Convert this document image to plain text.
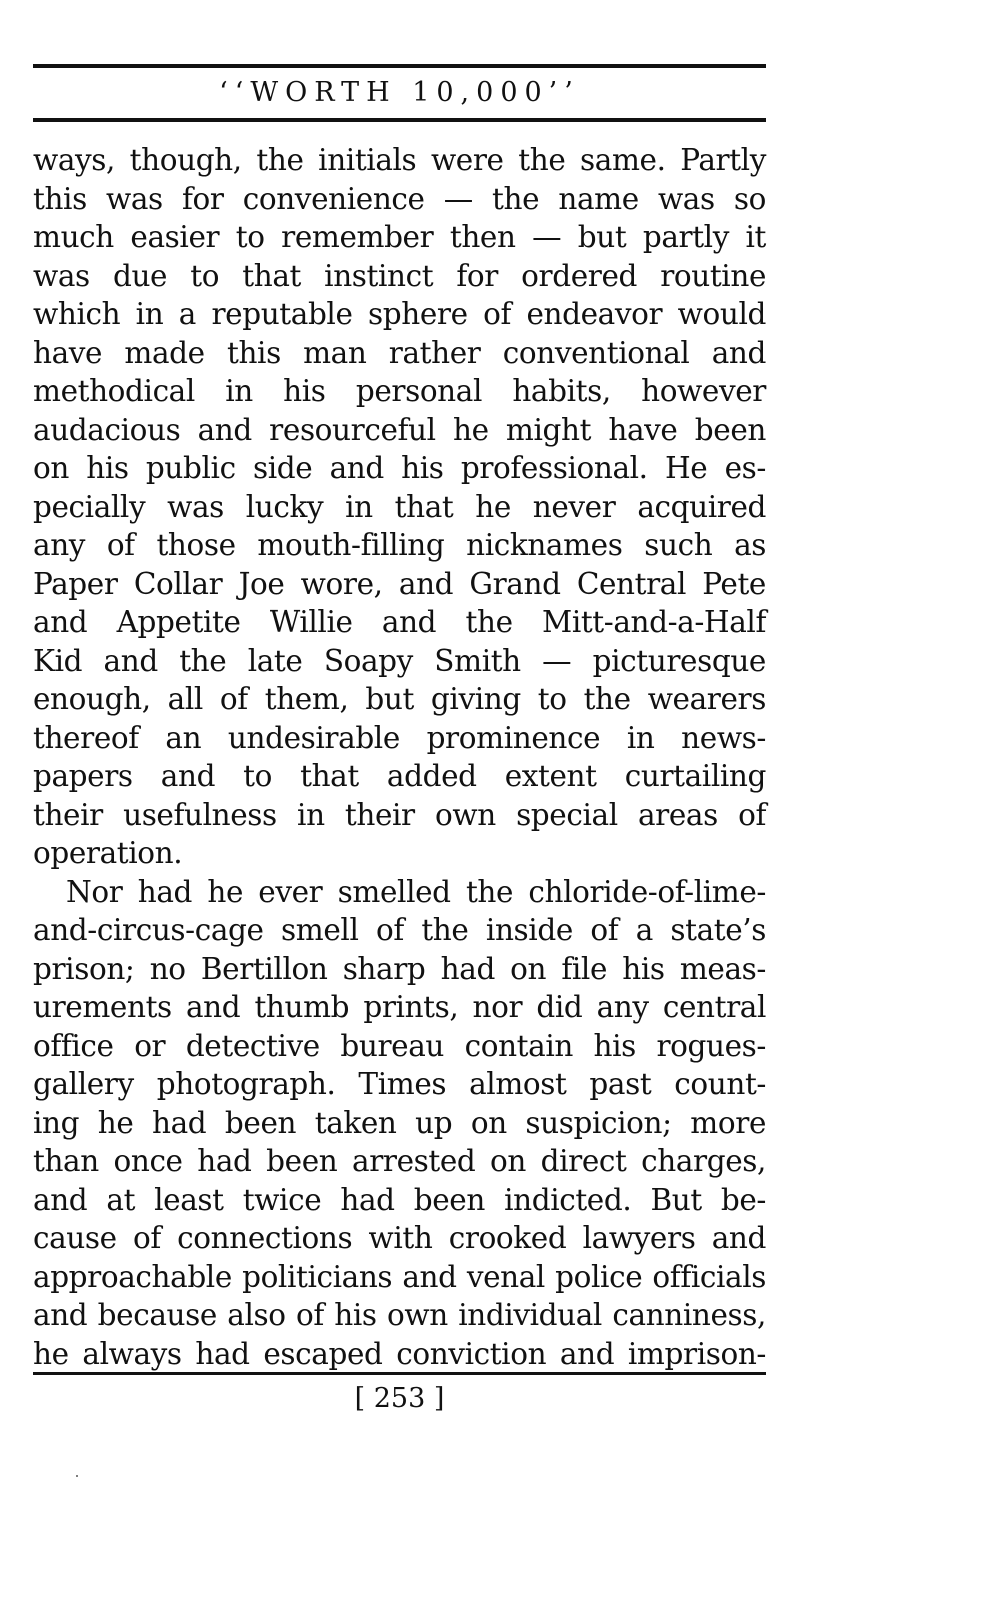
‘‘WORTH 10,000’’
ways, though, the initials were the same. Partly
this was for convenience — the name was so
much easier to remember then — but partly it
was due to that instinct for ordered routine
which in a reputable sphere of endeavor would
have made this man rather conventional and
methodical in his personal habits, however
audacious and resourceful he might have been
on his public side and his professional. He es-
pecially was lucky in that he never acquired
any of those mouth-filling nicknames such as
Paper Collar Joe wore, and Grand Central Pete
and Appetite Willie and the Mitt-and-a-Half
Kid and the late Soapy Smith — picturesque
enough, all of them, but giving to the wearers
thereof an undesirable prominence in news-
papers and to that added extent curtailing
their usefulness in their own special areas of
operation.
Nor had he ever smelled the chloride-of-lime-
and-circus-cage smell of the inside of a state’s
prison; no Bertillon sharp had on file his meas-
urements and thumb prints, nor did any central
office or detective bureau contain his rogues-
gallery photograph. Times almost past count-
ing he had been taken up on suspicion; more
than once had been arrested on direct charges,
and at least twice had been indicted. But be-
cause of connections with crooked lawyers and
approachable politicians and venal police officials
and because also of his own individual canniness,
he always had escaped conviction and imprison-
[ 253 ]
